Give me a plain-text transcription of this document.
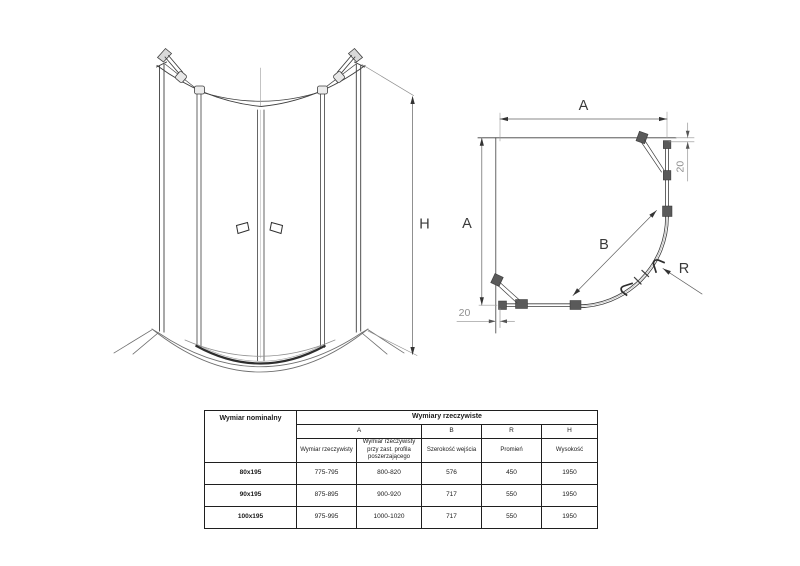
H
A
A
B
R
20
20
Wymiar nominalny	Wymiary rzeczywiste				
	A		B	R	H
	Wymiar rzeczywisty	Wymiar rzeczywisty przy zast. profila poszerzającego	Szerokość wejścia	Promień	Wysokość
80x195	775-795	800-820	576	450	1950
90x195	875-895	900-920	717	550	1950
100x195	975-995	1000-1020	717	550	1950
